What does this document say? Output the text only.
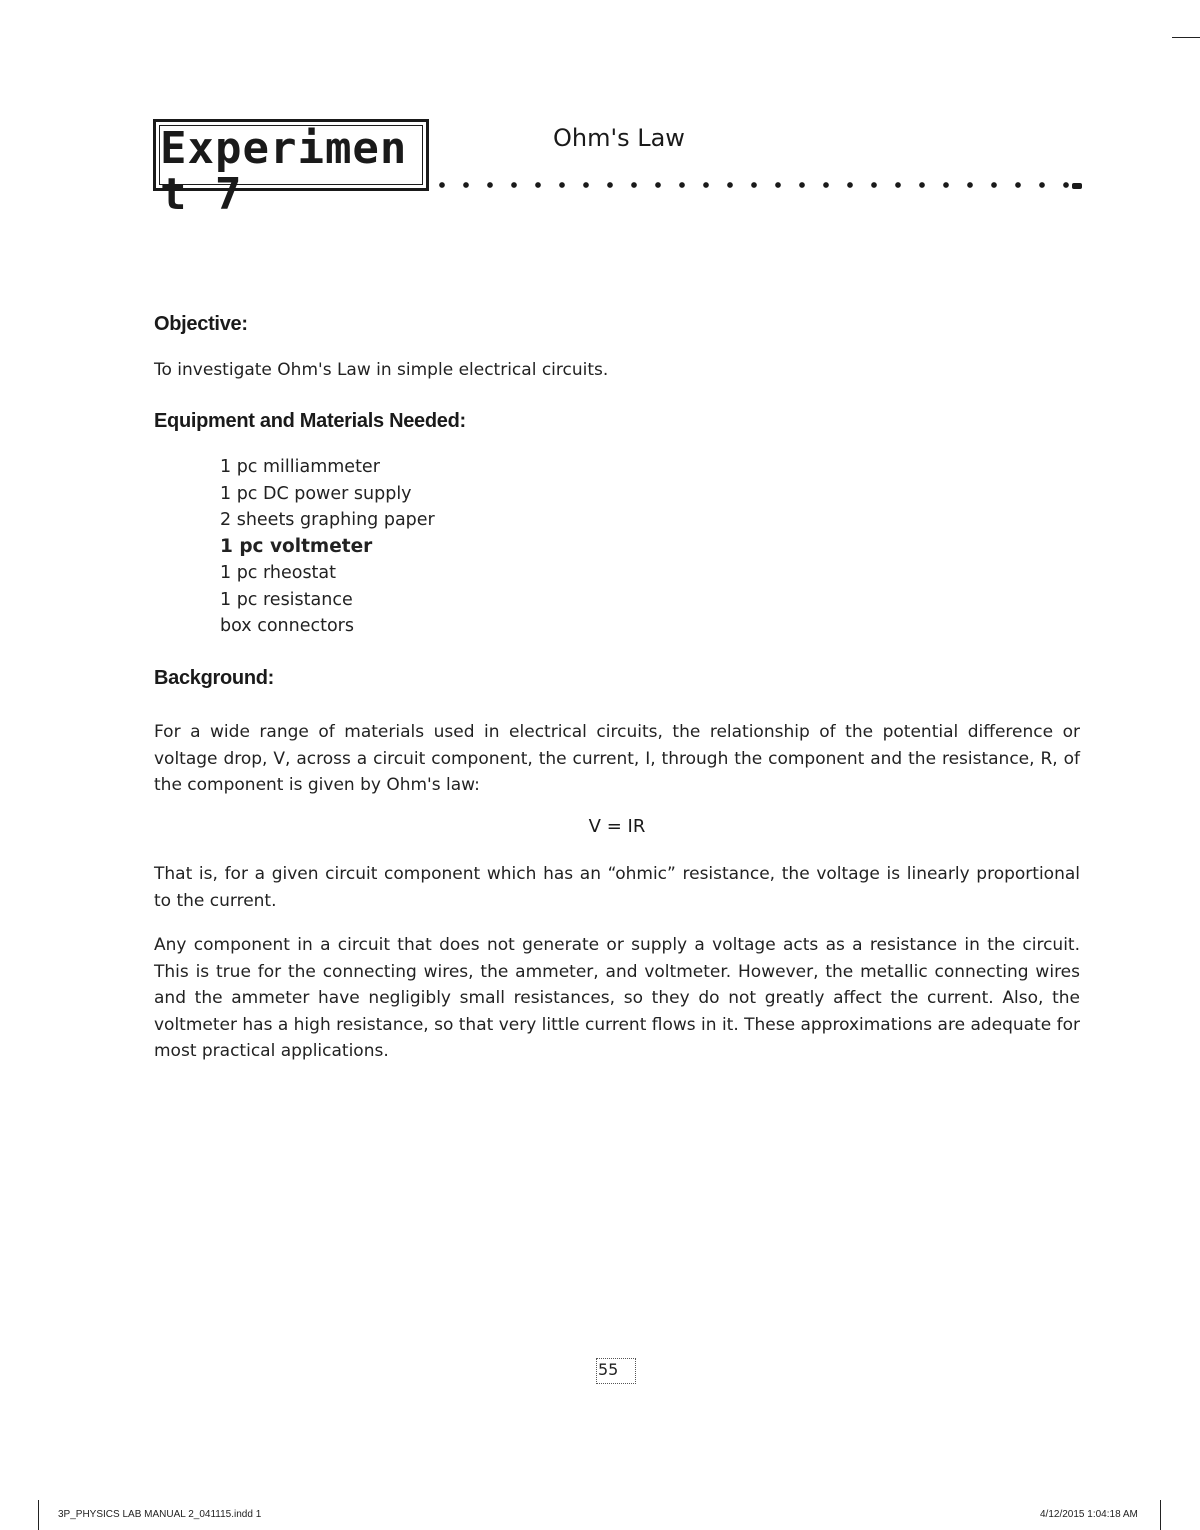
Experimen t 7
Ohm's Law
Objective:
To investigate Ohm's Law in simple electrical circuits.
Equipment and Materials Needed:
1 pc milliammeter
1 pc DC power supply
2 sheets graphing paper
1 pc voltmeter
1 pc rheostat
1 pc resistance
box connectors
Background:
For a wide range of materials used in electrical circuits, the relationship of the potential difference or voltage drop, V, across a circuit component, the current, I, through the component and the resistance, R, of the component is given by Ohm's law:
V = IR
That is, for a given circuit component which has an “ohmic” resistance, the voltage is linearly proportional to the current.
Any component in a circuit that does not generate or supply a voltage acts as a resistance in the circuit. This is true for the connecting wires, the ammeter, and voltmeter. However, the metallic connecting wires and the ammeter have negligibly small resistances, so they do not greatly affect the current. Also, the voltmeter has a high resistance, so that very little current flows in it. These approximations are adequate for most practical applications.
55
3P_PHYSICS LAB MANUAL 2_041115.indd 1	4/12/2015 1:04:18 AM
